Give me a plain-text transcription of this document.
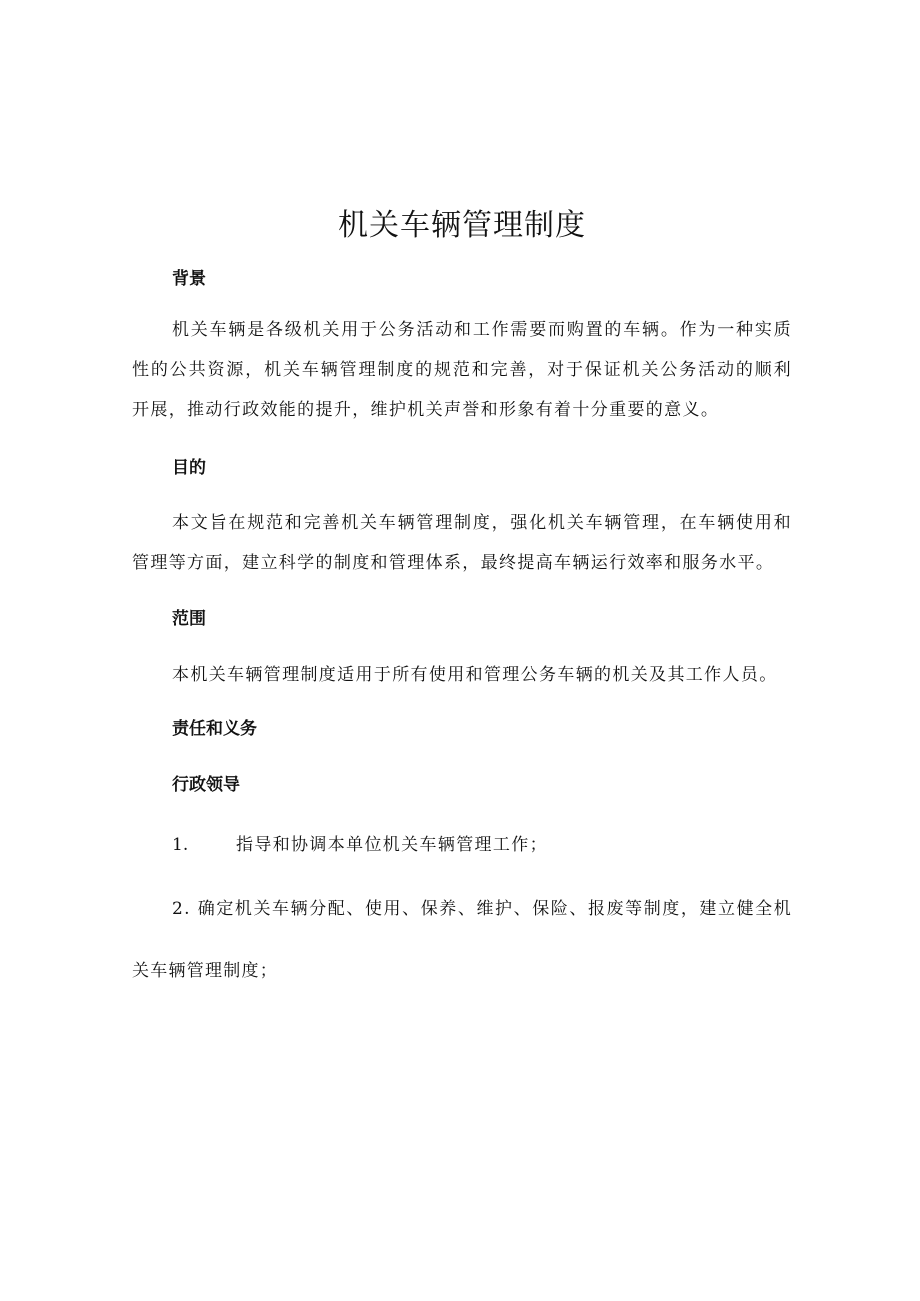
机关车辆管理制度
背景
机关车辆是各级机关用于公务活动和工作需要而购置的车辆。作为一种实质性的公共资源，机关车辆管理制度的规范和完善，对于保证机关公务活动的顺利开展，推动行政效能的提升，维护机关声誉和形象有着十分重要的意义。
目的
本文旨在规范和完善机关车辆管理制度，强化机关车辆管理，在车辆使用和管理等方面，建立科学的制度和管理体系，最终提高车辆运行效率和服务水平。
范围
本机关车辆管理制度适用于所有使用和管理公务车辆的机关及其工作人员。
责任和义务
行政领导
1.	指导和协调本单位机关车辆管理工作；
2. 确定机关车辆分配、使用、保养、维护、保险、报废等制度，建立健全机关车辆管理制度；
